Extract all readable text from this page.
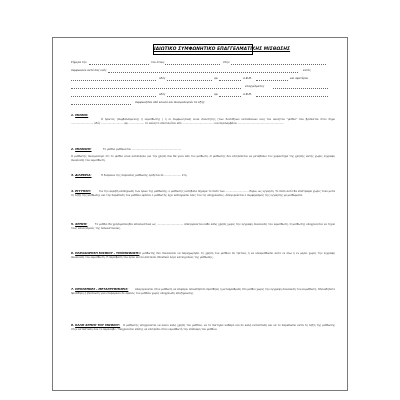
ΙΔΙΩΤΙΚΟ ΣΥΜΦΩΝΗΤΙΚΟ ΕΠΑΓΓΕΛΜΑΤΙΚΗΣ ΜΙΣΘΩΣΗΣ
Σήμερα την	του έτους	στην
συμφωνούν αυτό σας ενός	εκτός
οδός	αρ.	Α.Φ.Μ.	και αφετέρου
επαγγέλματος
οδός	αρ.	Α.Φ.Μ.
συμφωνήσαν από κοινού και συνομολογούν τα εξής:
1. ΜΙΣΘΙΟ:
Ο πρώτος (συμβαλλόμενος) ή εκμισθωτής ( ή οι συμφωνητικά) είναι ιδιοκτήτης (των διατάξεων κατασκευών και) του ακινήτου "μίσθιο" που βρίσκεται στον δήμο ........................... οδός ........................... αρ. .................. το ακίνητο αποτελείται από ...................................... και περιλαμβάνει ........................................................
2. ΜΙΣΘΩΣΗ:	Το μίσθιο μισθώνεται ............................................................
Ο μισθωτής συνομολογεί ότι το μίσθιο είναι κατάλληλο για την χρήση που θα γίνει από τον μισθωτή. Ο μισθωτής δεν επιτρέπεται να μεταβάλει τον χαρακτήρα της χρήσης αυτής χωρίς έγγραφη συναίνεση του εκμισθωτή.
3. ΔΙΑΡΚΕΙΑ:	Η διάρκεια της παρούσας μίσθωσης ορίζεται σε .................... έτη.
4. ΕΓΓΥΗΣΗ:	Για την ακριβή εκπλήρωση των όρων της μίσθωσης, ο μισθωτής κατέβαλε σήμερα το ποσό των ............................ Ευρώ, ως εγγύηση. Το ποσό αυτό θα επιστραφεί χωρίς τόκο μετά τη λήξη της μίσθωσης και την παράδοση του μισθίου εφόσον ο μισθωτής έχει εκπληρώσει όλες του τις υποχρεώσεις. Απαγορεύεται ο συμψηφισμός της εγγύησης με μισθώματα.
5. ΧΡΗΣΗ:	Το μίσθιο θα χρησιμοποιηθεί αποκλειστικά ως ................................ Απαγορεύεται κάθε άλλη χρήση χωρίς την έγγραφη συναίνεση του εκμισθωτή. Ο μισθωτής υποχρεούται να τηρεί τους κανονισμούς της πολυκατοικίας.
6. ΠΑΡΑΧΩΡΗΣΗ ΜΙΣΘΙΟΥ - ΥΠΟΜΙΣΘΩΣΗ: Ο μισθωτής δεν δικαιούται να παραχωρήσει τη χρήση του μισθίου σε τρίτους ή να υπεκμισθώσει αυτό εν όλω ή εν μέρει χωρίς την έγγραφη συναίνεση του εκμισθωτή. Η παράβαση του όρου αυτού αποτελεί σπουδαίο λόγο καταγγελίας της μίσθωσης.
7. ΠΡΟΣΘΗΚΕΣ - ΜΕΤΑΡΡΥΘΜΙΣΕΙΣ:	Απαγορεύεται στον μισθωτή να επιφέρει οποιαδήποτε προσθήκη ή μεταρρύθμιση στο μίσθιο χωρίς την έγγραφη συναίνεση του εκμισθωτή. Οποιαδήποτε προσθήκη ή βελτίωση γίνει παραμένει σε όφελος του μισθίου χωρίς υποχρέωση αποζημίωσης.
8. ΚΑΛΗ ΧΡΗΣΗ ΤΟΥ ΜΙΣΘΙΟΥ:	Ο μισθωτής υποχρεούται να κάνει καλή χρήση του μισθίου, να το διατηρεί καθαρό και σε καλή κατάσταση και να το παραδώσει κατά τη λήξη της μίσθωσης στην κατάσταση που το παρέλαβε. Υποχρεούται επίσης να επιτρέπει στον εκμισθωτή την επίσκεψη του μισθίου.
